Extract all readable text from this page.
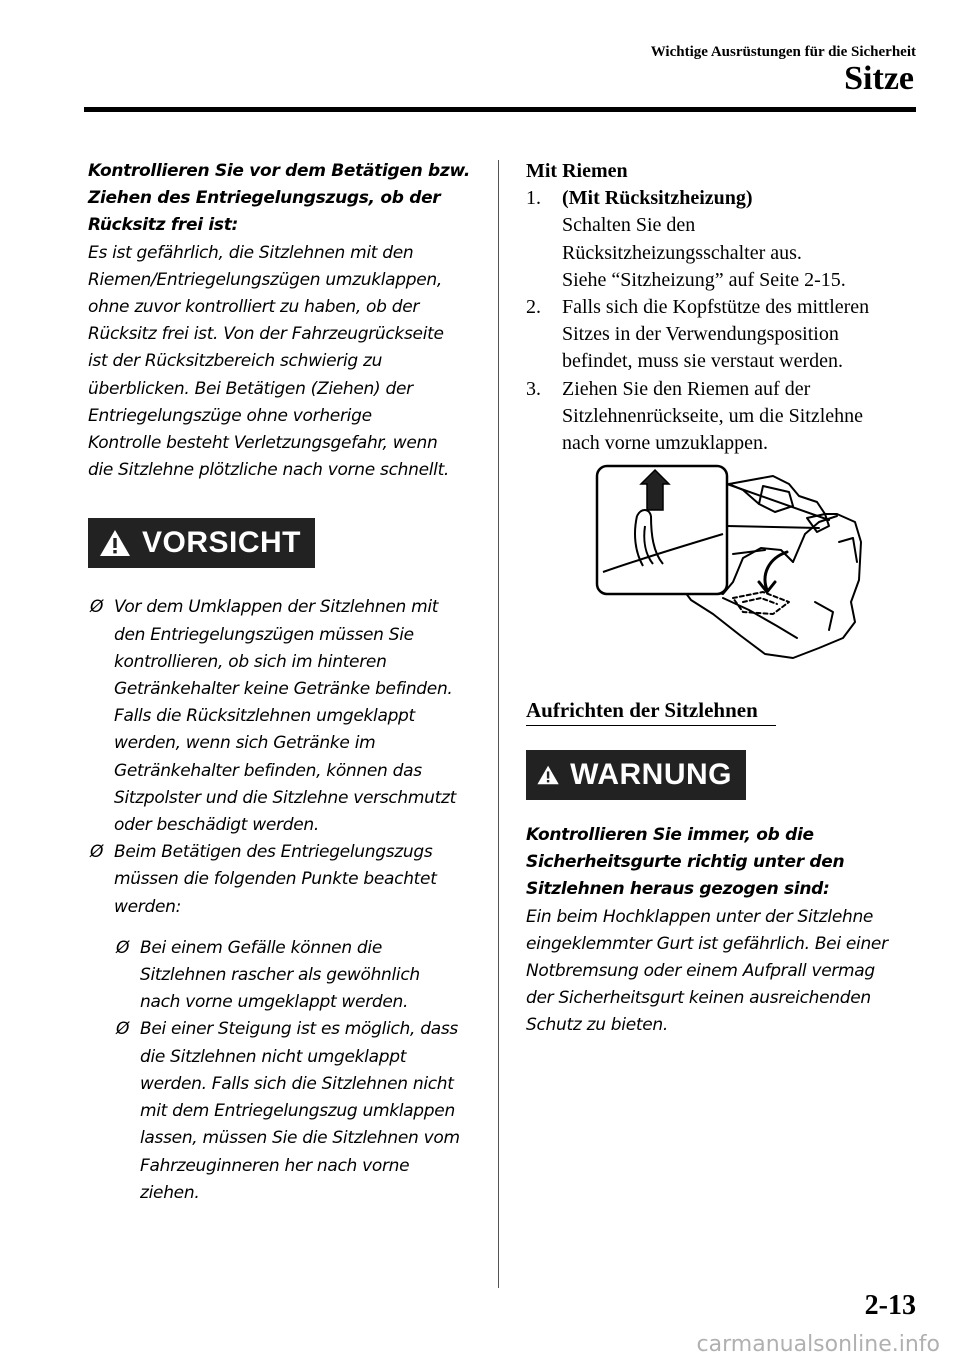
Wichtige Ausrüstungen für die Sicherheit
Sitze

Kontrollieren Sie vor dem Betätigen bzw.

Ziehen des Entriegelungszugs, ob der

Rücksitz frei ist:

Es ist gefährlich, die Sitzlehnen mit den

Riemen/Entriegelungszügen umzuklappen,

ohne zuvor kontrolliert zu haben, ob der

Rücksitz frei ist. Von der Fahrzeugrückseite

ist der Rücksitzbereich schwierig zu

überblicken. Bei Betätigen (Ziehen) der

Entriegelungszüge ohne vorherige

Kontrolle besteht Verletzungsgefahr, wenn

die Sitzlehne plötzliche nach vorne schnellt.

VORSICHT
Ø Vor dem Umklappen der Sitzlehnen mit

den Entriegelungszügen müssen Sie

kontrollieren, ob sich im hinteren

Getränkehalter keine Getränke befinden.

Falls die Rücksitzlehnen umgeklappt

werden, wenn sich Getränke im

Getränkehalter befinden, können das

Sitzpolster und die Sitzlehne verschmutzt

oder beschädigt werden.

Ø Beim Betätigen des Entriegelungszugs

müssen die folgenden Punkte beachtet

werden:

Ø Bei einem Gefälle können die

Sitzlehnen rascher als gewöhnlich

nach vorne umgeklappt werden.

Ø Bei einer Steigung ist es möglich, dass

die Sitzlehnen nicht umgeklappt

werden. Falls sich die Sitzlehnen nicht

mit dem Entriegelungszug umklappen

lassen, müssen Sie die Sitzlehnen vom

Fahrzeuginneren her nach vorne

ziehen.

Mit Riemen
1. (Mit Rücksitzheizung)

Schalten Sie den

Rücksitzheizungsschalter aus.

Siehe “Sitzheizung” auf Seite 2-15.

2. Falls sich die Kopfstütze des mittleren

Sitzes in der Verwendungsposition

befindet, muss sie verstaut werden.

3. Ziehen Sie den Riemen auf der

Sitzlehnenrückseite, um die Sitzlehne

nach vorne umzuklappen.

Aufrichten der Sitzlehnen
WARNUNG

Kontrollieren Sie immer, ob die

Sicherheitsgurte richtig unter den

Sitzlehnen heraus gezogen sind:

Ein beim Hochklappen unter der Sitzlehne

eingeklemmter Gurt ist gefährlich. Bei einer

Notbremsung oder einem Aufprall vermag

der Sicherheitsgurt keinen ausreichenden

Schutz zu bieten.

2-13
carmanualsonline.info
